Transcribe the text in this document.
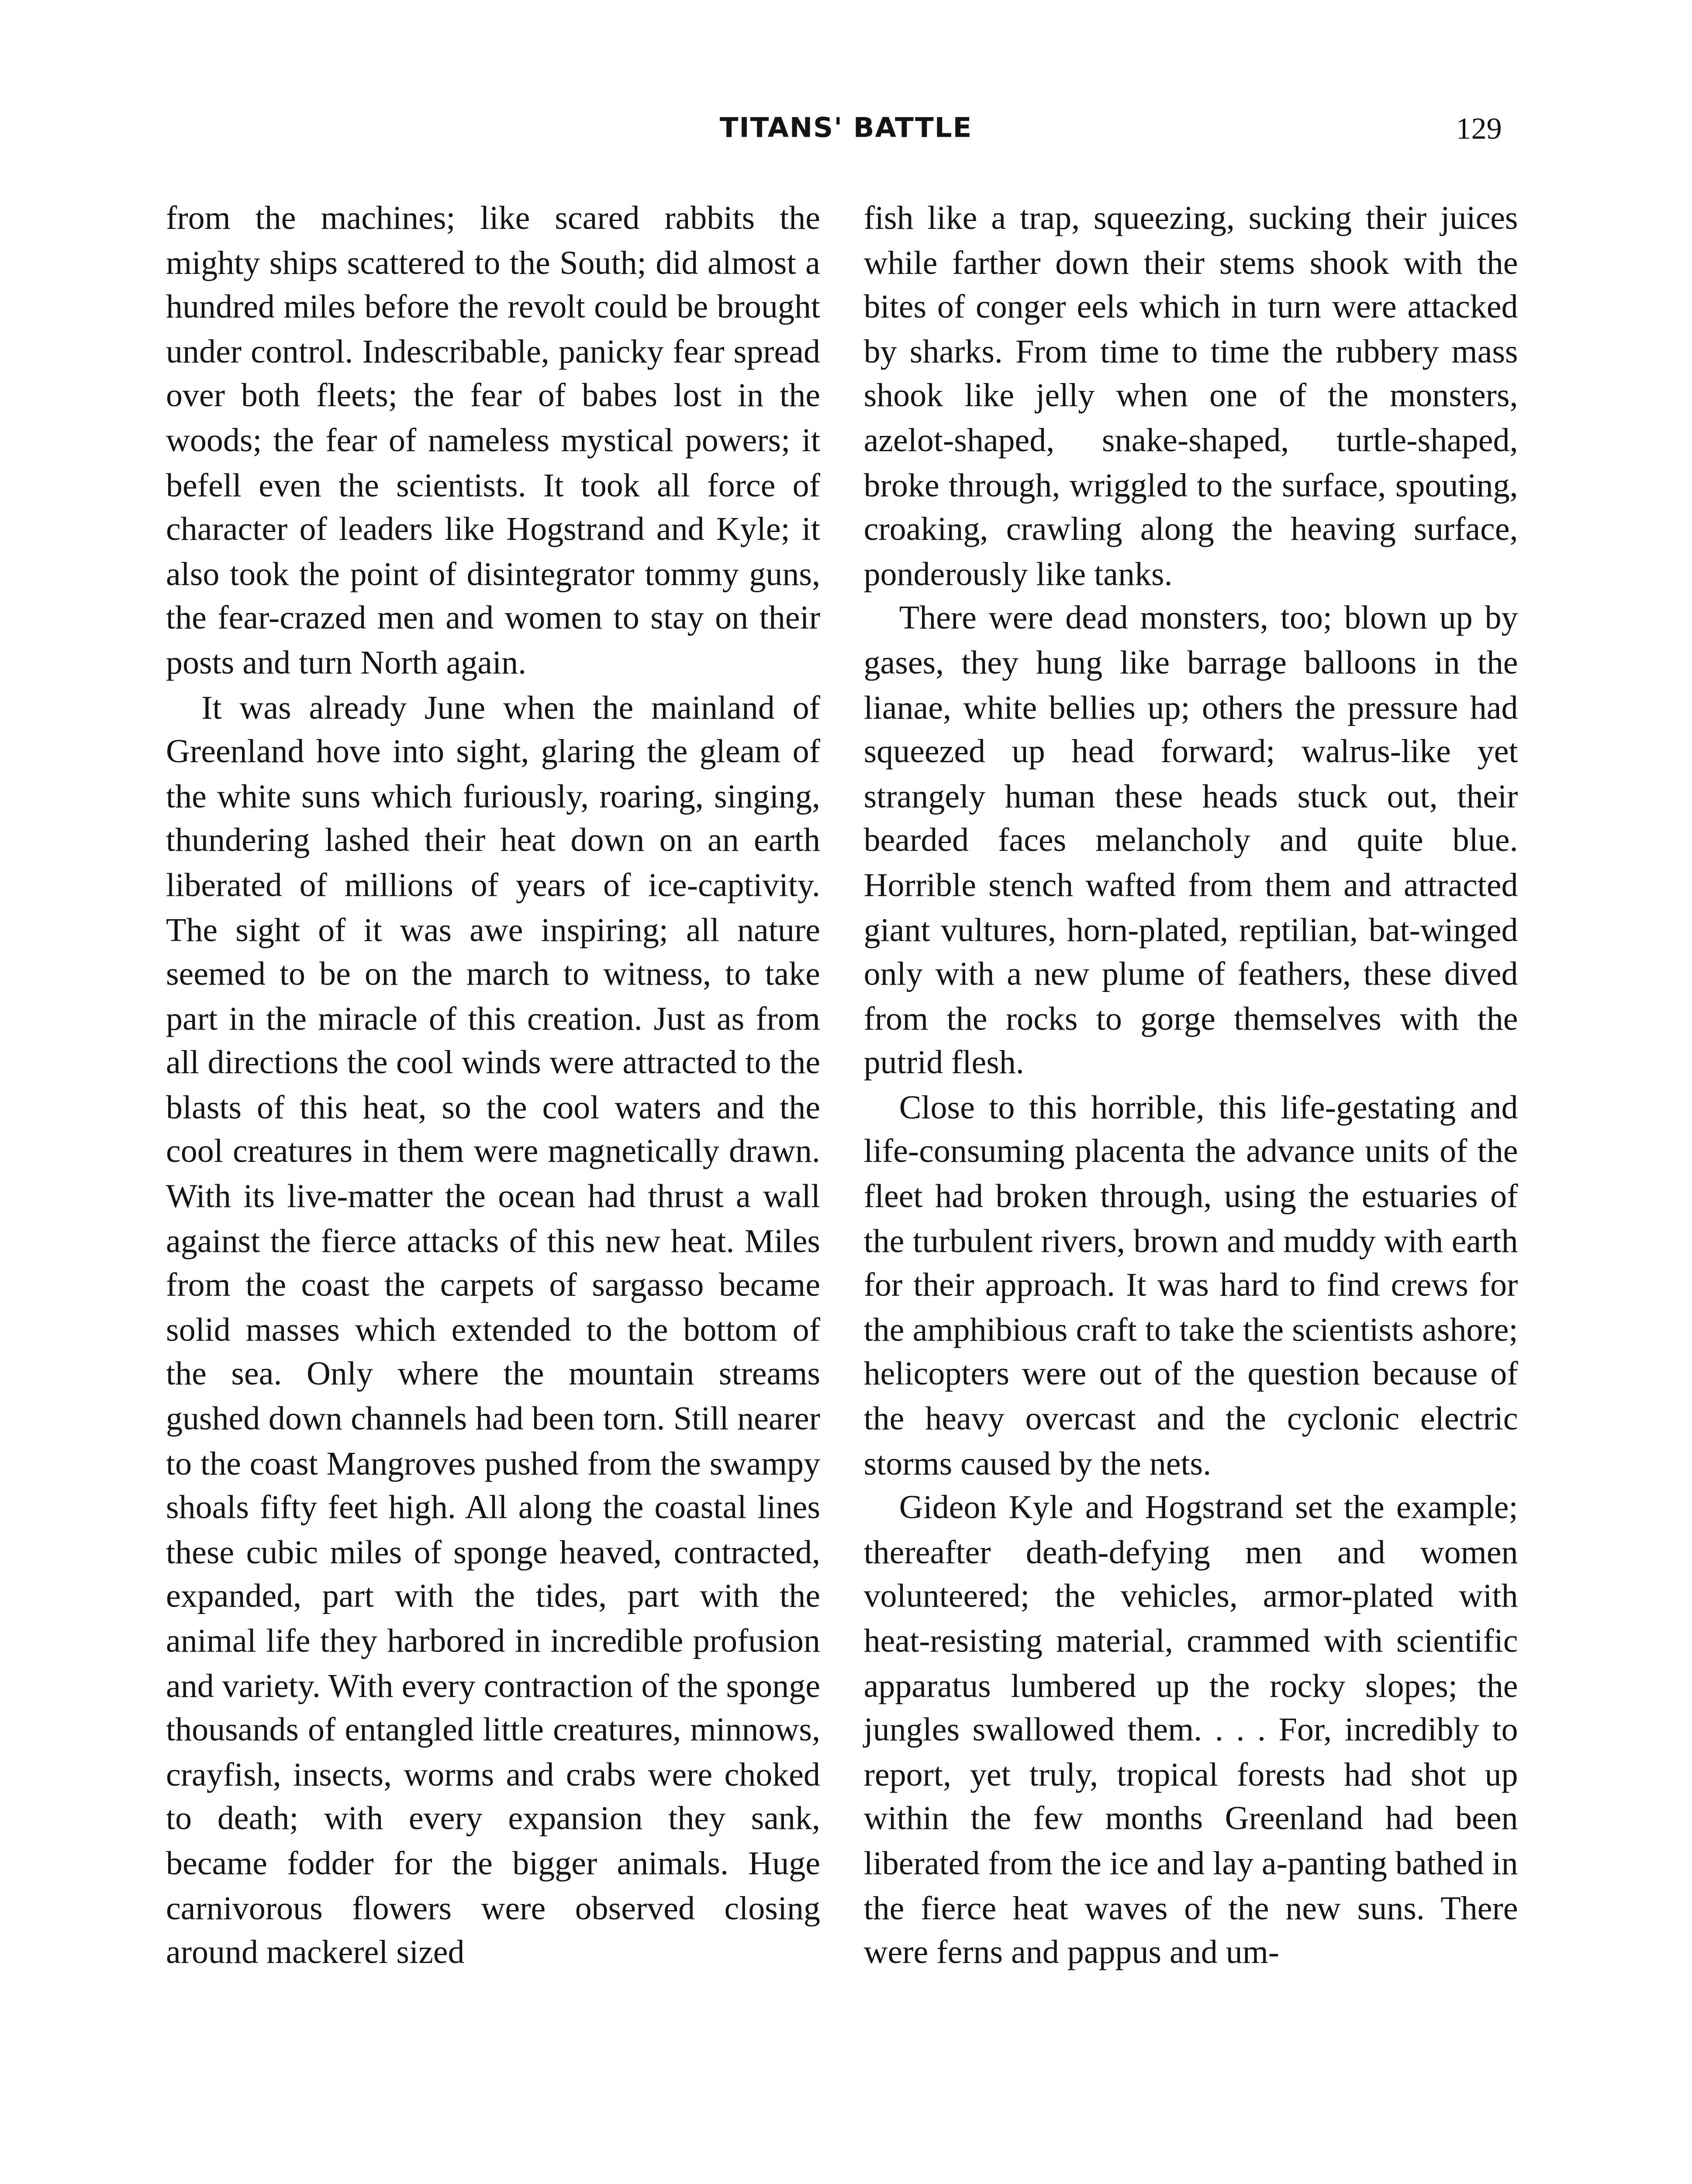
TITANS' BATTLE	129

from the machines; like scared rabbits the mighty ships scattered to the South; did almost a hundred miles before the revolt could be brought under control. Indescribable, panicky fear spread over both fleets; the fear of babes lost in the woods; the fear of nameless mystical powers; it befell even the scientists. It took all force of character of leaders like Hogstrand and Kyle; it also took the point of disintegrator tommy guns, the fear-crazed men and women to stay on their posts and turn North again.

It was already June when the mainland of Greenland hove into sight, glaring the gleam of the white suns which furiously, roaring, singing, thundering lashed their heat down on an earth liberated of millions of years of ice-captivity. The sight of it was awe inspiring; all nature seemed to be on the march to witness, to take part in the miracle of this creation. Just as from all directions the cool winds were attracted to the blasts of this heat, so the cool waters and the cool creatures in them were magnetically drawn. With its live-matter the ocean had thrust a wall against the fierce attacks of this new heat. Miles from the coast the carpets of sargasso became solid masses which extended to the bottom of the sea. Only where the mountain streams gushed down channels had been torn. Still nearer to the coast Mangroves pushed from the swampy shoals fifty feet high. All along the coastal lines these cubic miles of sponge heaved, contracted, expanded, part with the tides, part with the animal life they harbored in incredible profusion and variety. With every contraction of the sponge thousands of entangled little creatures, minnows, crayfish, insects, worms and crabs were choked to death; with every expansion they sank, became fodder for the bigger animals. Huge carnivorous flowers were observed closing around mackerel sized

fish like a trap, squeezing, sucking their juices while farther down their stems shook with the bites of conger eels which in turn were attacked by sharks. From time to time the rubbery mass shook like jelly when one of the monsters, azelot-shaped, snake-shaped, turtle-shaped, broke through, wriggled to the surface, spouting, croaking, crawling along the heaving surface, ponderously like tanks.

There were dead monsters, too; blown up by gases, they hung like barrage balloons in the lianae, white bellies up; others the pressure had squeezed up head forward; walrus-like yet strangely human these heads stuck out, their bearded faces melancholy and quite blue. Horrible stench wafted from them and attracted giant vultures, horn-plated, reptilian, bat-winged only with a new plume of feathers, these dived from the rocks to gorge themselves with the putrid flesh.

Close to this horrible, this life-gestating and life-consuming placenta the advance units of the fleet had broken through, using the estuaries of the turbulent rivers, brown and muddy with earth for their approach. It was hard to find crews for the amphibious craft to take the scientists ashore; helicopters were out of the question because of the heavy overcast and the cyclonic electric storms caused by the nets.

Gideon Kyle and Hogstrand set the example; thereafter death-defying men and women volunteered; the vehicles, armor-plated with heat-resisting material, crammed with scientific apparatus lumbered up the rocky slopes; the jungles swallowed them. . . . For, incredibly to report, yet truly, tropical forests had shot up within the few months Greenland had been liberated from the ice and lay a-panting bathed in the fierce heat waves of the new suns. There were ferns and pappus and um-
